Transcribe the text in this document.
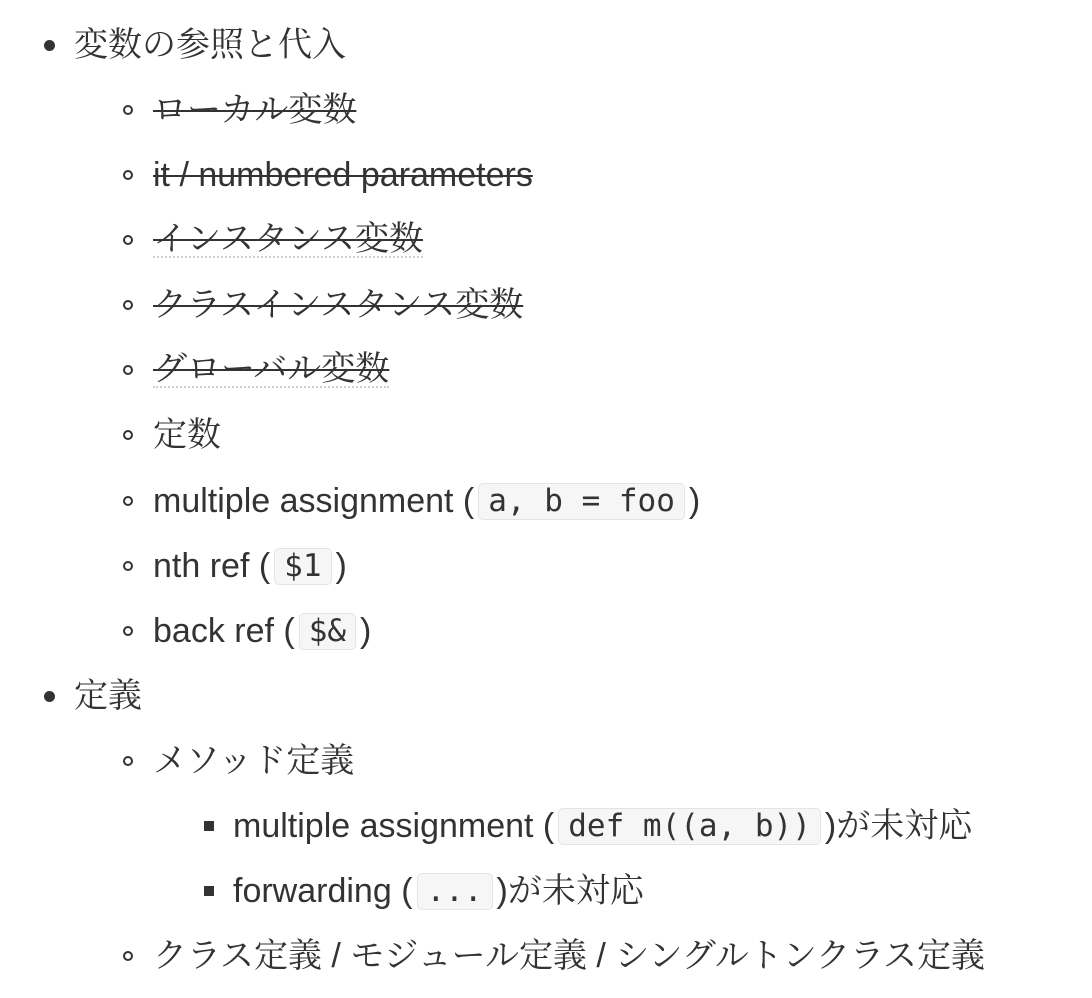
変数の参照と代入
ローカル変数
it / numbered parameters
インスタンス変数
クラスインスタンス変数
グローバル変数
定数
multiple assignment ( a, b = foo )
nth ref ( $1 )
back ref ( $& )
定義
メソッド定義
multiple assignment ( def m((a, b)) )が未対応
forwarding ( ... )が未対応
クラス定義 / モジュール定義 / シングルトンクラス定義
